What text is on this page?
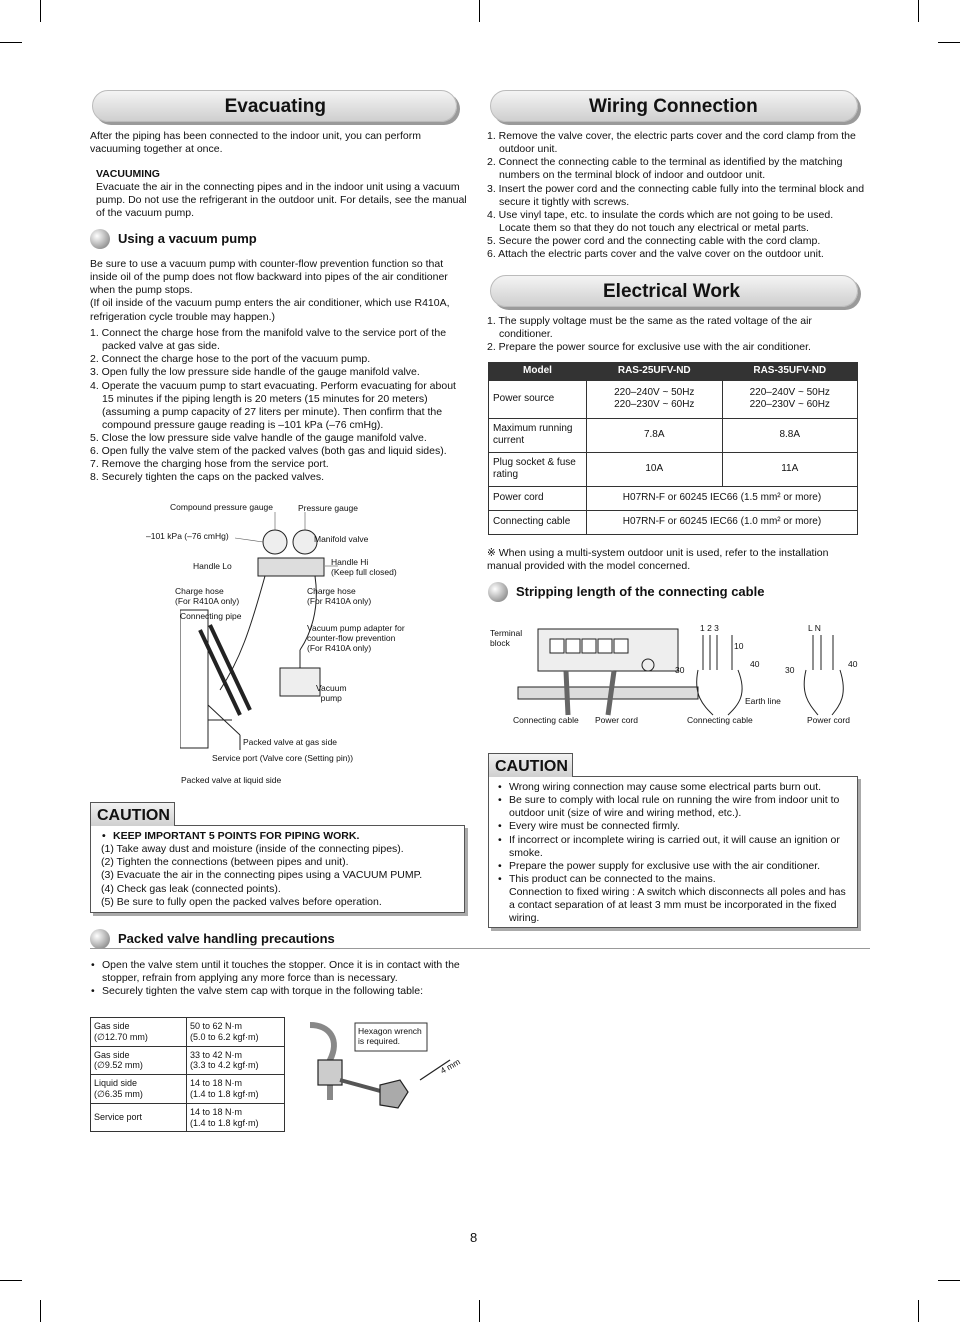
Evacuating

After the piping has been connected to the indoor unit, you can perform vacuuming together at once.

VACUUMING

Evacuate the air in the connecting pipes and in the indoor unit using a vacuum pump. Do not use the refrigerant in the outdoor unit. For details, see the manual of the vacuum pump.

Using a vacuum pump

Be sure to use a vacuum pump with counter-flow prevention function so that inside oil of the pump does not flow backward into pipes of the air conditioner when the pump stops.

(If oil inside of the vacuum pump enters the air conditioner, which use R410A, refrigeration cycle trouble may happen.)

1. Connect the charge hose from the manifold valve to the service port of the packed valve at gas side.
2. Connect the charge hose to the port of the vacuum pump.
3. Open fully the low pressure side handle of the gauge manifold valve.
4. Operate the vacuum pump to start evacuating. Perform evacuating for about 15 minutes if the piping length is 20 meters (15 minutes for 20 meters) (assuming a pump capacity of 27 liters per minute). Then confirm that the compound pressure gauge reading is –101 kPa (–76 cmHg).
5. Close the low pressure side valve handle of the gauge manifold valve.
6. Open fully the valve stem of the packed valves (both gas and liquid sides).
7. Remove the charging hose from the service port.
8. Securely tighten the caps on the packed valves.
Compound pressure gauge	Pressure gauge
–101 kPa (–76 cmHg)	Manifold valve
Handle Lo	Handle Hi
(Keep full closed)
Charge hose
(For R410A only)
Charge hose
(For R410A only)
Connecting pipe
Vacuum pump adapter for
counter-flow prevention
(For R410A only)
Vacuum
pump
Packed valve at gas side
Service port (Valve core (Setting pin))
Packed valve at liquid side
CAUTION
• KEEP IMPORTANT 5 POINTS FOR PIPING WORK.

(1) Take away dust and moisture (inside of the connecting pipes).

(2) Tighten the connections (between pipes and unit).

(3) Evacuate the air in the connecting pipes using a VACUUM PUMP.

(4) Check gas leak (connected points).

(5) Be sure to fully open the packed valves before operation.

Packed valve handling precautions
• Open the valve stem until it touches the stopper. Once it is in contact with the stopper, refrain from applying any more force than is necessary.
• Securely tighten the valve stem cap with torque in the following table:
Gas side
(∅12.70 mm)	50 to 62 N·m
(5.0 to 6.2 kgf·m)
Gas side
(∅9.52 mm)	33 to 42 N·m
(3.3 to 4.2 kgf·m)
Liquid side
(∅6.35 mm)	14 to 18 N·m
(1.4 to 1.8 kgf·m)
Service port	14 to 18 N·m
(1.4 to 1.8 kgf·m)
Hexagon wrench
is required.
4 mm
Wiring Connection
1. Remove the valve cover, the electric parts cover and the cord clamp from the outdoor unit.
2. Connect the connecting cable to the terminal as identified by the matching numbers on the terminal block of indoor and outdoor unit.
3. Insert the power cord and the connecting cable fully into the terminal block and secure it tightly with screws.
4. Use vinyl tape, etc. to insulate the cords which are not going to be used. Locate them so that they do not touch any electrical or metal parts.
5. Secure the power cord and the connecting cable with the cord clamp.
6. Attach the electric parts cover and the valve cover on the outdoor unit.
Electrical Work
1. The supply voltage must be the same as the rated voltage of the air conditioner.
2. Prepare the power source for exclusive use with the air conditioner.
Model	RAS-25UFV-ND	RAS-35UFV-ND
Power source	220–240V ~ 50Hz
220–230V ~ 60Hz	220–240V ~ 50Hz
220–230V ~ 60Hz
Maximum running current	7.8A	8.8A
Plug socket & fuse rating	10A	11A
Power cord	H07RN-F or 60245 IEC66 (1.5 mm² or more)	
Connecting cable	H07RN-F or 60245 IEC66 (1.0 mm² or more)	
※ When using a multi-system outdoor unit is used, refer to the installation manual provided with the model concerned.
Stripping length of the connecting cable
Terminal
block
1 2 3	L N
10
30
40
30
40
Earth line
Connecting cable Power cord	Connecting cable	Power cord
CAUTION
• Wrong wiring connection may cause some electrical parts burn out.
• Be sure to comply with local rule on running the wire from indoor unit to outdoor unit (size of wire and wiring method, etc.).
• Every wire must be connected firmly.
• If incorrect or incomplete wiring is carried out, it will cause an ignition or smoke.
• Prepare the power supply for exclusive use with the air conditioner.
• This product can be connected to the mains.

Connection to fixed wiring : A switch which disconnects all poles and has a contact separation of at least 3 mm must be incorporated in the fixed wiring.

8
